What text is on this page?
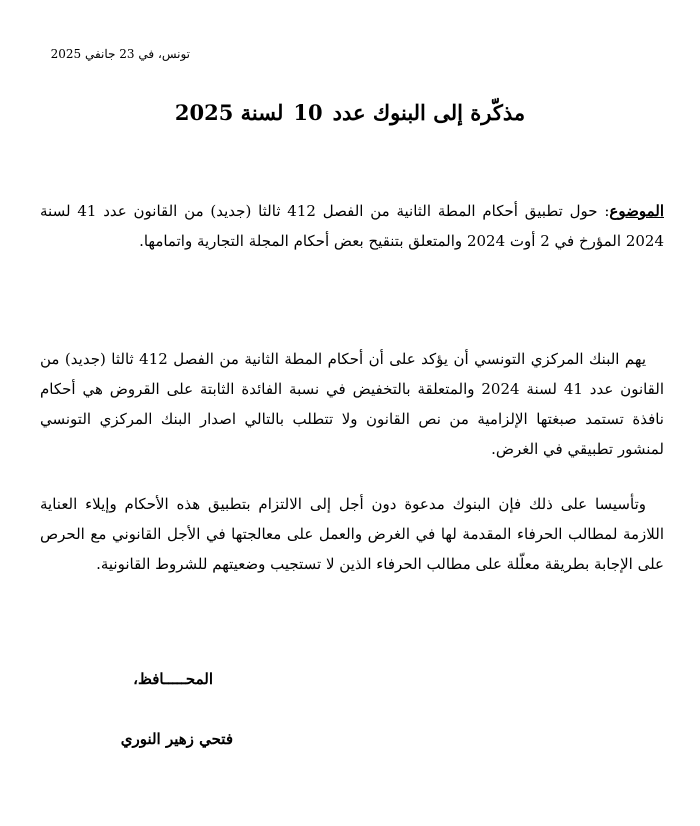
تونس، في 23 جانفي 2025
مذكّرة إلى البنوك عدد10لسنة 2025
الموضوع: حول تطبيق أحكام المطة الثانية من الفصل 412 ثالثا (جديد) من القانون عدد 41 لسنة 2024 المؤرخ في 2 أوت 2024 والمتعلق بتنقيح بعض أحكام المجلة التجارية واتمامها.
يهم البنك المركزي التونسي أن يؤكد على أن أحكام المطة الثانية من الفصل 412 ثالثا (جديد) من القانون عدد 41 لسنة 2024 والمتعلقة بالتخفيض في نسبة الفائدة الثابتة على القروض هي أحكام نافذة تستمد صبغتها الإلزامية من نص القانون ولا تتطلب بالتالي اصدار البنك المركزي التونسي لمنشور تطبيقي في الغرض.
وتأسيسا على ذلك فإن البنوك مدعوة دون أجل إلى الالتزام بتطبيق هذه الأحكام وإيلاء العناية اللازمة لمطالب الحرفاء المقدمة لها في الغرض والعمل على معالجتها في الأجل القانوني مع الحرص على الإجابة بطريقة معلّلة على مطالب الحرفاء الذين لا تستجيب وضعيتهم للشروط القانونية.
المحـــــافظ،
فتحي زهير النوري
